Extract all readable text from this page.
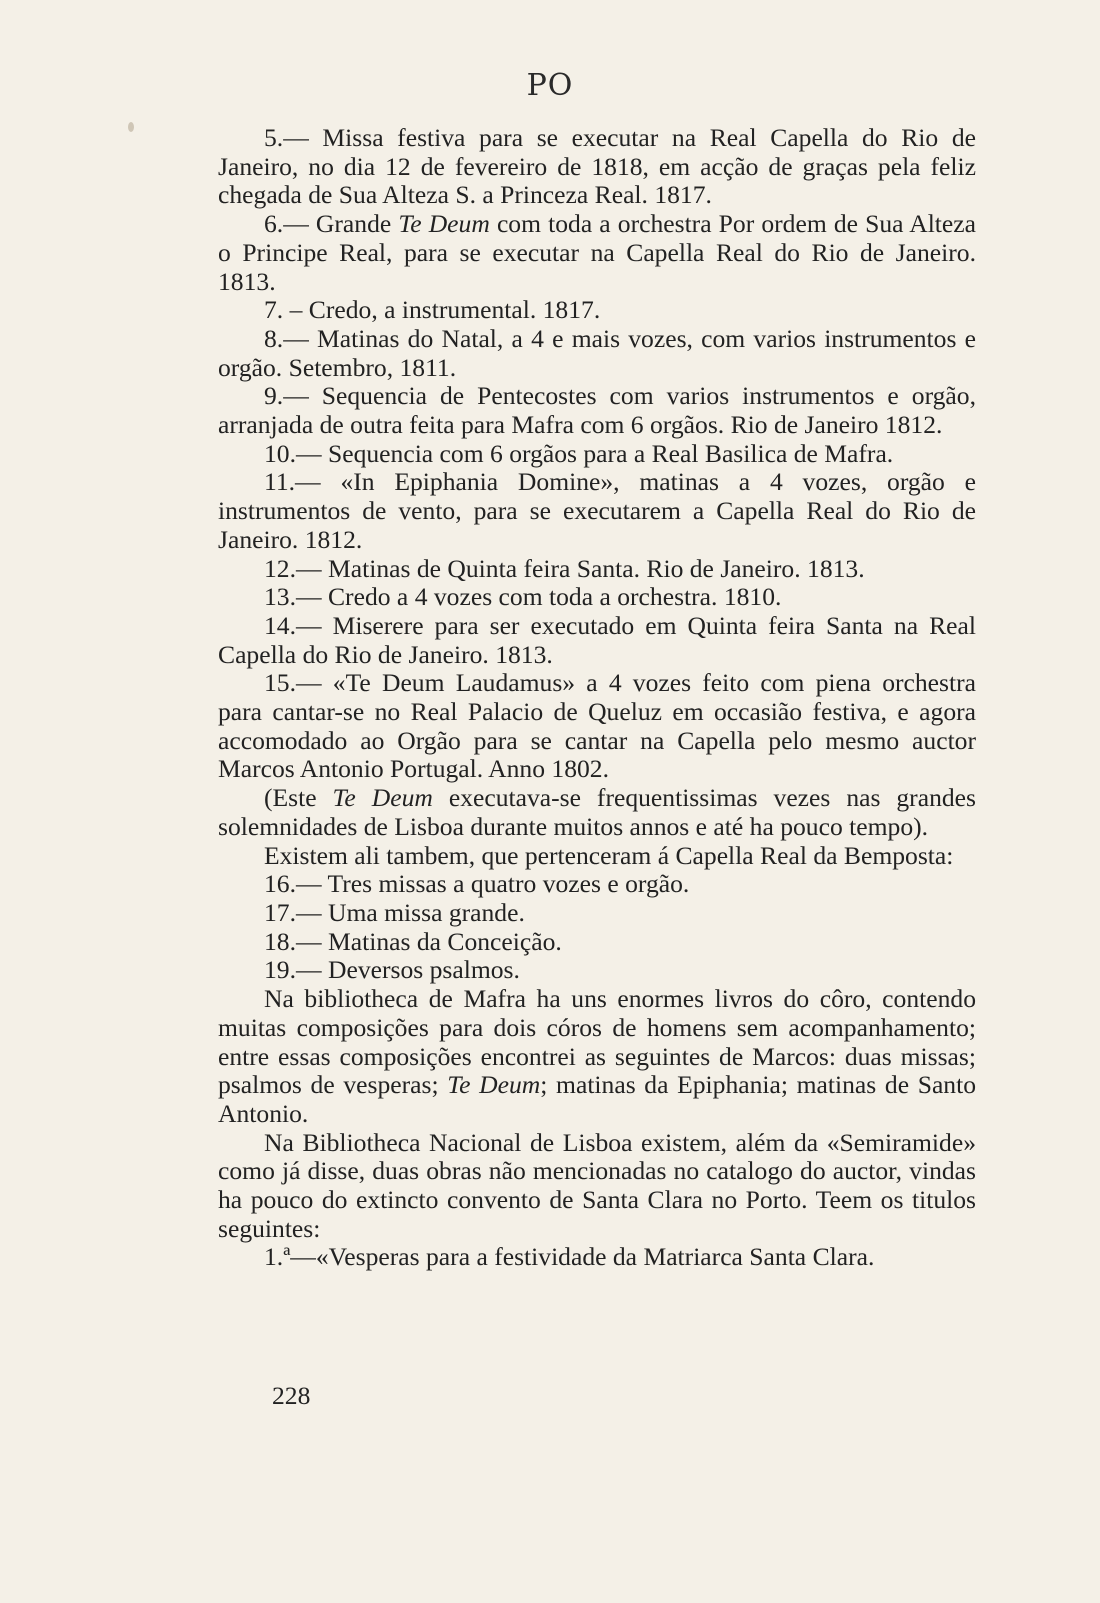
PO

5.— Missa festiva para se executar na Real Capella do Rio de Janeiro, no dia 12 de fevereiro de 1818, em acção de graças pela feliz chegada de Sua Alteza S. a Princeza Real. 1817.

6.— Grande Te Deum com toda a orchestra Por ordem de Sua Alteza o Principe Real, para se executar na Capella Real do Rio de Janeiro. 1813.

7. – Credo, a instrumental. 1817.

8.— Matinas do Natal, a 4 e mais vozes, com varios instrumentos e orgão. Setembro, 1811.

9.— Sequencia de Pentecostes com varios instrumentos e orgão, arranjada de outra feita para Mafra com 6 orgãos. Rio de Janeiro 1812.

10.— Sequencia com 6 orgãos para a Real Basilica de Mafra.

11.— «In Epiphania Domine», matinas a 4 vozes, orgão e instrumentos de vento, para se executarem a Capella Real do Rio de Janeiro. 1812.

12.— Matinas de Quinta feira Santa. Rio de Janeiro. 1813.

13.— Credo a 4 vozes com toda a orchestra. 1810.

14.— Miserere para ser executado em Quinta feira Santa na Real Capella do Rio de Janeiro. 1813.

15.— «Te Deum Laudamus» a 4 vozes feito com piena orchestra para cantar-se no Real Palacio de Queluz em occasião festiva, e agora accomodado ao Orgão para se cantar na Capella pelo mesmo auctor Marcos Antonio Portugal. Anno 1802.

(Este Te Deum executava-se frequentissimas vezes nas grandes solemnidades de Lisboa durante muitos annos e até ha pouco tempo).

Existem ali tambem, que pertenceram á Capella Real da Bemposta:

16.— Tres missas a quatro vozes e orgão.

17.— Uma missa grande.

18.— Matinas da Conceição.

19.— Deversos psalmos.

Na bibliotheca de Mafra ha uns enormes livros do côro, contendo muitas composições para dois córos de homens sem acompanhamento; entre essas composições encontrei as seguintes de Marcos: duas missas; psalmos de vesperas; Te Deum; matinas da Epiphania; matinas de Santo Antonio.

Na Bibliotheca Nacional de Lisboa existem, além da «Semiramide» como já disse, duas obras não mencionadas no catalogo do auctor, vindas ha pouco do extincto convento de Santa Clara no Porto. Teem os titulos seguintes:

1.ª—«Vesperas para a festividade da Matriarca Santa Clara.

228
